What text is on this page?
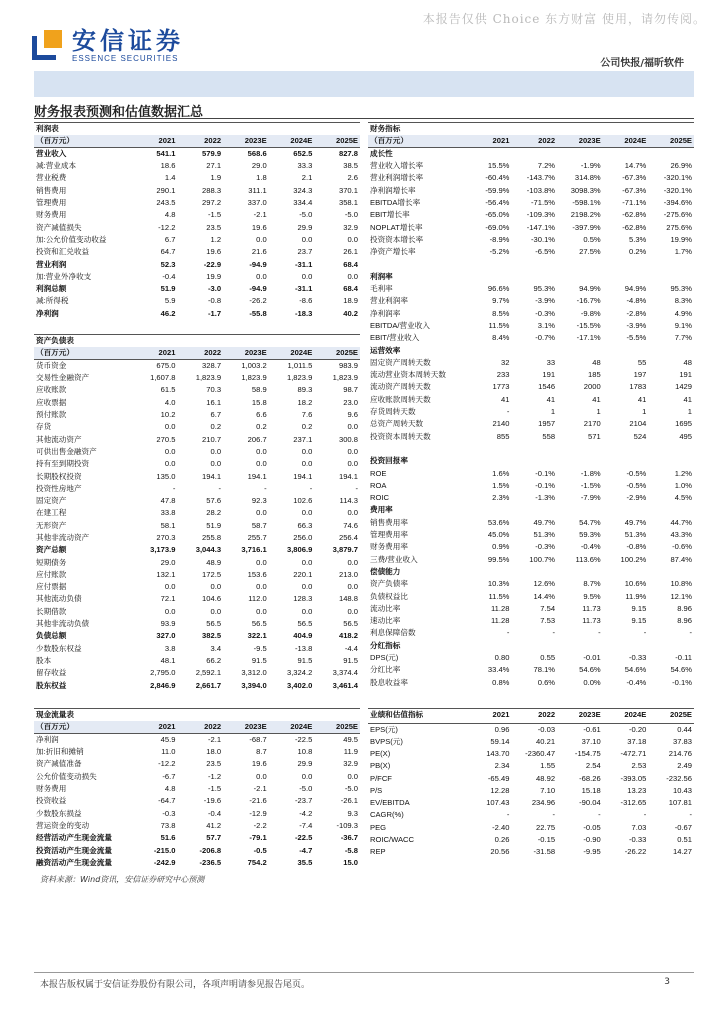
本报告仅供 Choice 东方财富 使用，请勿传阅。
安信证券
ESSENCE SECURITIES	公司快报/福昕软件
财务报表预测和估值数据汇总
利润表					
（百万元）	2021	2022	2023E	2024E	2025E
营业收入	541.1	579.9	568.6	652.5	827.8
减:营业成本	18.6	27.1	29.0	33.3	38.5
营业税费	1.4	1.9	1.8	2.1	2.6
销售费用	290.1	288.3	311.1	324.3	370.1
管理费用	243.5	297.2	337.0	334.4	358.1
财务费用	4.8	-1.5	-2.1	-5.0	-5.0
资产减值损失	-12.2	23.5	19.6	29.9	32.9
加:公允价值变动收益	6.7	1.2	0.0	0.0	0.0
投资和汇兑收益	64.7	19.6	21.6	23.7	26.1
营业利润	52.3	-22.9	-94.9	-31.1	68.4
加:营业外净收支	-0.4	19.9	0.0	0.0	0.0
利润总额	51.9	-3.0	-94.9	-31.1	68.4
减:所得税	5.9	-0.8	-26.2	-8.6	18.9
净利润	46.2	-1.7	-55.8	-18.3	40.2
资产负债表					
（百万元）	2021	2022	2023E	2024E	2025E
货币资金	675.0	328.7	1,003.2	1,011.5	983.9
交易性金融资产	1,607.8	1,823.9	1,823.9	1,823.9	1,823.9
应收账款	61.5	70.3	58.9	89.3	98.7
应收票据	4.0	16.1	15.8	18.2	23.0
预付账款	10.2	6.7	6.6	7.6	9.6
存货	0.0	0.2	0.2	0.2	0.0
其他流动资产	270.5	210.7	206.7	237.1	300.8
可供出售金融资产	0.0	0.0	0.0	0.0	0.0
持有至到期投资	0.0	0.0	0.0	0.0	0.0
长期股权投资	135.0	194.1	194.1	194.1	194.1
投资性房地产	-	-	-	-	-
固定资产	47.8	57.6	92.3	102.6	114.3
在建工程	33.8	28.2	0.0	0.0	0.0
无形资产	58.1	51.9	58.7	66.3	74.6
其他非流动资产	270.3	255.8	255.7	256.0	256.4
资产总额	3,173.9	3,044.3	3,716.1	3,806.9	3,879.7
短期债务	29.0	48.9	0.0	0.0	0.0
应付账款	132.1	172.5	153.6	220.1	213.0
应付票据	0.0	0.0	0.0	0.0	0.0
其他流动负债	72.1	104.6	112.0	128.3	148.8
长期借款	0.0	0.0	0.0	0.0	0.0
其他非流动负债	93.9	56.5	56.5	56.5	56.5
负债总额	327.0	382.5	322.1	404.9	418.2
少数股东权益	3.8	3.4	-9.5	-13.8	-4.4
股本	48.1	66.2	91.5	91.5	91.5
留存收益	2,795.0	2,592.1	3,312.0	3,324.2	3,374.4
股东权益	2,846.9	2,661.7	3,394.0	3,402.0	3,461.4
财务指标					
（百万元）	2021	2022	2023E	2024E	2025E
成长性					
营业收入增长率	15.5%	7.2%	-1.9%	14.7%	26.9%
营业利润增长率	-60.4%	-143.7%	314.8%	-67.3%	-320.1%
净利润增长率	-59.9%	-103.8%	3098.3%	-67.3%	-320.1%
EBITDA增长率	-56.4%	-71.5%	-598.1%	-71.1%	-394.6%
EBIT增长率	-65.0%	-109.3%	2198.2%	-62.8%	-275.6%
NOPLAT增长率	-69.0%	-147.1%	-397.9%	-62.8%	275.6%
投资资本增长率	-8.9%	-30.1%	0.5%	5.3%	19.9%
净资产增长率	-5.2%	-6.5%	27.5%	0.2%	1.7%

利润率					
毛利率	96.6%	95.3%	94.9%	94.9%	95.3%
营业利润率	9.7%	-3.9%	-16.7%	-4.8%	8.3%
净利润率	8.5%	-0.3%	-9.8%	-2.8%	4.9%
EBITDA/营业收入	11.5%	3.1%	-15.5%	-3.9%	9.1%
EBIT/营业收入	8.4%	-0.7%	-17.1%	-5.5%	7.7%
运营效率					
固定资产周转天数	32	33	48	55	48
流动营业资本周转天数	233	191	185	197	191
流动资产周转天数	1773	1546	2000	1783	1429
应收账款周转天数	41	41	41	41	41
存货周转天数	-	1	1	1	1
总资产周转天数	2140	1957	2170	2104	1695
投资资本周转天数	855	558	571	524	495

投资回报率					
ROE	1.6%	-0.1%	-1.8%	-0.5%	1.2%
ROA	1.5%	-0.1%	-1.5%	-0.5%	1.0%
ROIC	2.3%	-1.3%	-7.9%	-2.9%	4.5%
费用率					
销售费用率	53.6%	49.7%	54.7%	49.7%	44.7%
管理费用率	45.0%	51.3%	59.3%	51.3%	43.3%
财务费用率	0.9%	-0.3%	-0.4%	-0.8%	-0.6%
三费/营业收入	99.5%	100.7%	113.6%	100.2%	87.4%
偿债能力					
资产负债率	10.3%	12.6%	8.7%	10.6%	10.8%
负债权益比	11.5%	14.4%	9.5%	11.9%	12.1%
流动比率	11.28	7.54	11.73	9.15	8.96
速动比率	11.28	7.53	11.73	9.15	8.96
利息保障倍数	-	-	-	-	-
分红指标					
DPS(元)	0.80	0.55	-0.01	-0.33	-0.11
分红比率	33.4%	78.1%	54.6%	54.6%	54.6%
股息收益率	0.8%	0.6%	0.0%	-0.4%	-0.1%
现金流量表					
（百万元）	2021	2022	2023E	2024E	2025E
净利润	45.9	-2.1	-68.7	-22.5	49.5
加:折旧和摊销	11.0	18.0	8.7	10.8	11.9
资产减值准备	-12.2	23.5	19.6	29.9	32.9
公允价值变动损失	-6.7	-1.2	0.0	0.0	0.0
财务费用	4.8	-1.5	-2.1	-5.0	-5.0
投资收益	-64.7	-19.6	-21.6	-23.7	-26.1
少数股东损益	-0.3	-0.4	-12.9	-4.2	9.3
营运资金的变动	73.8	41.2	-2.2	-7.4	-109.3
经营活动产生现金流量	51.6	57.7	-79.1	-22.5	-36.7
投资活动产生现金流量	-215.0	-206.8	-0.5	-4.7	-5.8
融资活动产生现金流量	-242.9	-236.5	754.2	35.5	15.0
业绩和估值指标	2021	2022	2023E	2024E	2025E

EPS(元)	0.96	-0.03	-0.61	-0.20	0.44
BVPS(元)	59.14	40.21	37.10	37.18	37.83
PE(X)	143.70	-2360.47	-154.75	-472.71	214.76
PB(X)	2.34	1.55	2.54	2.53	2.49
P/FCF	-65.49	48.92	-68.26	-393.05	-232.56
P/S	12.28	7.10	15.18	13.23	10.43
EV/EBITDA	107.43	234.96	-90.04	-312.65	107.81
CAGR(%)	-	-	-	-	-
PEG	-2.40	22.75	-0.05	7.03	-0.67
ROIC/WACC	0.26	-0.15	-0.90	-0.33	0.51
REP	20.56	-31.58	-9.95	-26.22	14.27
资料来源：Wind资讯，安信证券研究中心预测
本报告版权属于安信证券股份有限公司，各项声明请参见报告尾页。	3
